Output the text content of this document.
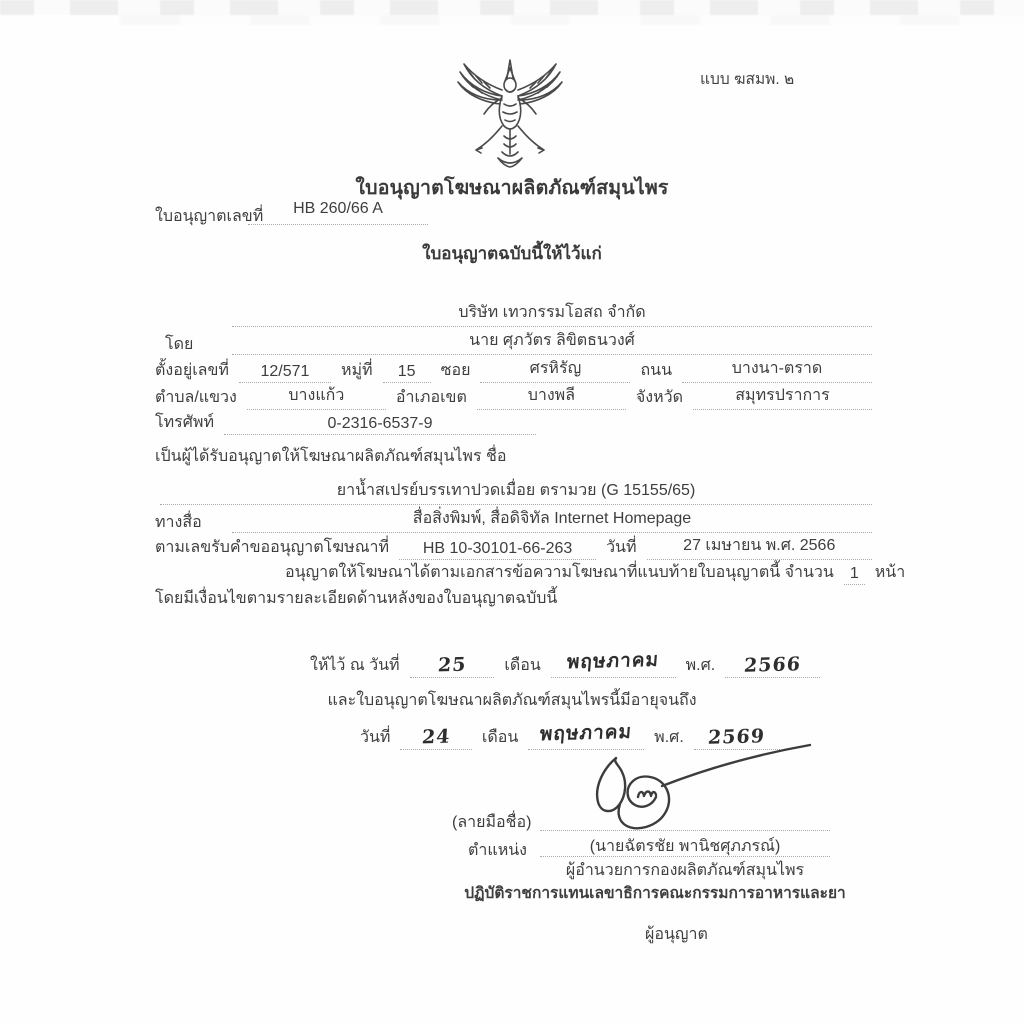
แบบ ฆสมพ. ๒
ใบอนุญาตโฆษณาผลิตภัณฑ์สมุนไพร
ใบอนุญาตเลขที่	HB 260/66 A
ใบอนุญาตฉบับนี้ให้ไว้แก่
บริษัท เทวกรรมโอสถ จำกัด
โดย	นาย ศุภวัตร ลิขิตธนวงศ์
ตั้งอยู่เลขที่	12/571	หมู่ที่	15	ซอย	ศรหิรัญ	ถนน	บางนา-ตราด
ตำบล/แขวง	บางแก้ว	อำเภอเขต	บางพลี	จังหวัด	สมุทรปราการ
โทรศัพท์	0-2316-6537-9
เป็นผู้ได้รับอนุญาตให้โฆษณาผลิตภัณฑ์สมุนไพร ชื่อ
ยาน้ำสเปรย์บรรเทาปวดเมื่อย ตรามวย (G 15155/65)
ทางสื่อ	สื่อสิ่งพิมพ์, สื่อดิจิทัล Internet Homepage
ตามเลขรับคำขออนุญาตโฆษณาที่	HB 10-30101-66-263	วันที่	27 เมษายน พ.ศ. 2566
อนุญาตให้โฆษณาได้ตามเอกสารข้อความโฆษณาที่แนบท้ายใบอนุญาตนี้ จำนวน	1	หน้า
โดยมีเงื่อนไขตามรายละเอียดด้านหลังของใบอนุญาตฉบับนี้
ให้ไว้ ณ วันที่	25	เดือน	พฤษภาคม	พ.ศ.	2566
และใบอนุญาตโฆษณาผลิตภัณฑ์สมุนไพรนี้มีอายุจนถึง
วันที่	24	เดือน	พฤษภาคม	พ.ศ.	2569
(ลายมือชื่อ)
ตำแหน่ง	(นายฉัตรชัย พานิชศุภภรณ์)
ผู้อำนวยการกองผลิตภัณฑ์สมุนไพร
ปฏิบัติราชการแทนเลขาธิการคณะกรรมการอาหารและยา
ผู้อนุญาต
